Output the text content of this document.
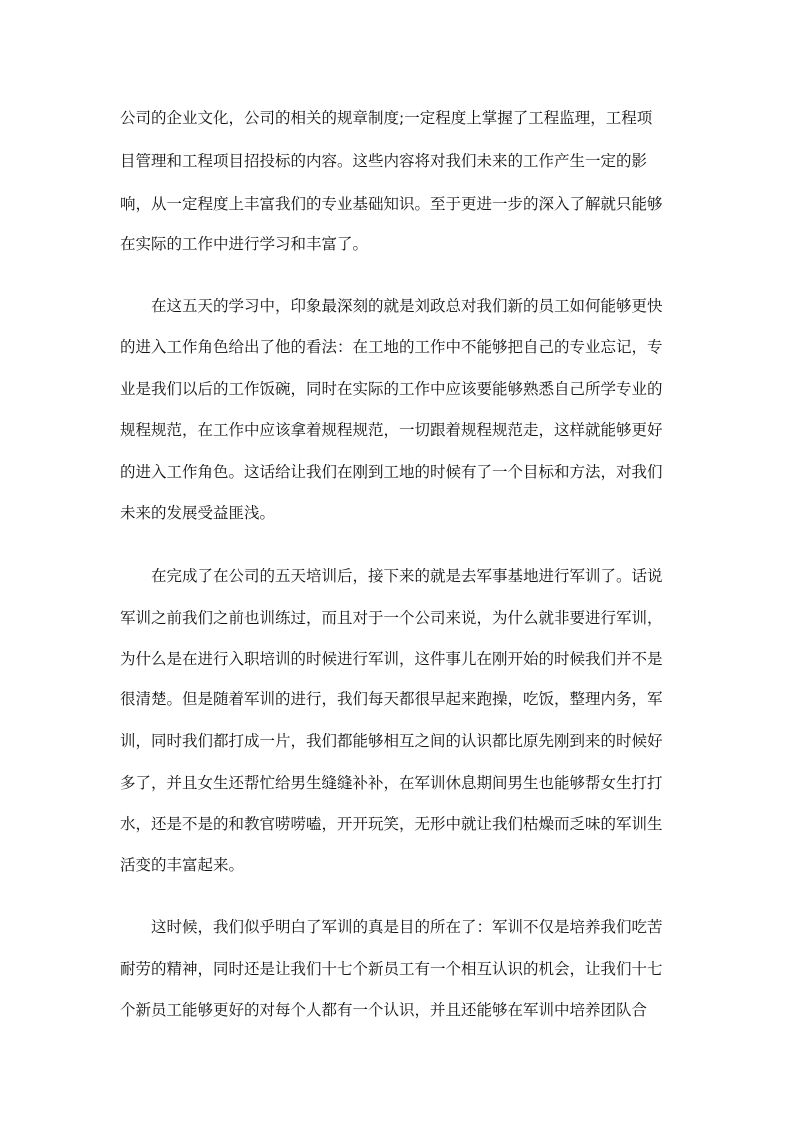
公司的企业文化，公司的相关的规章制度;一定程度上掌握了工程监理，工程项
目管理和工程项目招投标的内容。这些内容将对我们未来的工作产生一定的影
响，从一定程度上丰富我们的专业基础知识。至于更进一步的深入了解就只能够
在实际的工作中进行学习和丰富了。
　　在这五天的学习中，印象最深刻的就是刘政总对我们新的员工如何能够更快
的进入工作角色给出了他的看法：在工地的工作中不能够把自己的专业忘记，专
业是我们以后的工作饭碗，同时在实际的工作中应该要能够熟悉自己所学专业的
规程规范，在工作中应该拿着规程规范，一切跟着规程规范走，这样就能够更好
的进入工作角色。这话给让我们在刚到工地的时候有了一个目标和方法，对我们
未来的发展受益匪浅。
　　在完成了在公司的五天培训后，接下来的就是去军事基地进行军训了。话说
军训之前我们之前也训练过，而且对于一个公司来说，为什么就非要进行军训，
为什么是在进行入职培训的时候进行军训，这件事儿在刚开始的时候我们并不是
很清楚。但是随着军训的进行，我们每天都很早起来跑操，吃饭，整理内务，军
训，同时我们都打成一片，我们都能够相互之间的认识都比原先刚到来的时候好
多了，并且女生还帮忙给男生缝缝补补，在军训休息期间男生也能够帮女生打打
水，还是不是的和教官唠唠嗑，开开玩笑，无形中就让我们枯燥而乏味的军训生
活变的丰富起来。
　　这时候，我们似乎明白了军训的真是目的所在了：军训不仅是培养我们吃苦
耐劳的精神，同时还是让我们十七个新员工有一个相互认识的机会，让我们十七
个新员工能够更好的对每个人都有一个认识，并且还能够在军训中培养团队合
